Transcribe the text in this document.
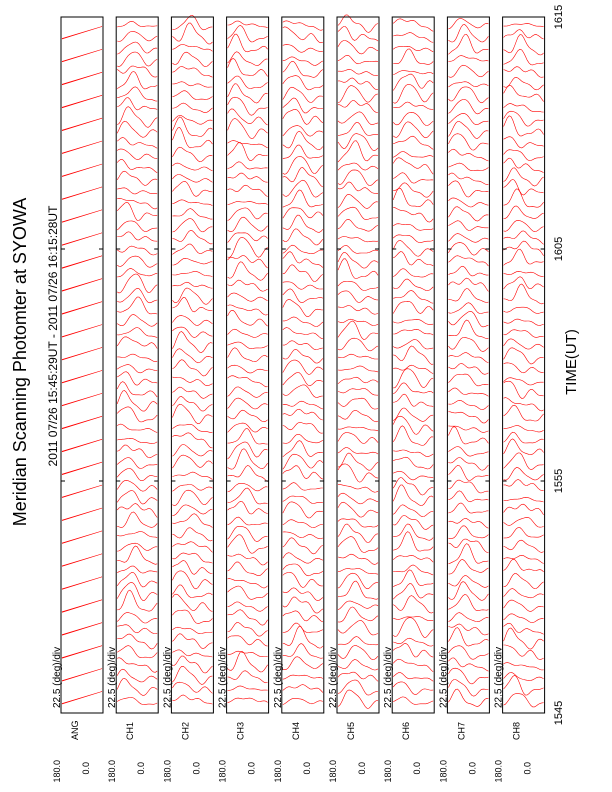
Meridian Scanning Photomter at SYOWA 2011 07/26 15:45:29UT - 2011 07/26 16:15:28UT	TIME(UT)
22.5 (deg)/div
180.0
ANG
0.0
22.5 (deg)/div
180.0
CH1
0.0
22.5 (deg)/div
180.0
CH2
0.0
22.5 (deg)/div
180.0
CH3
0.0
22.5 (deg)/div
180.0
CH4
0.0
22.5 (deg)/div
180.0
CH5
0.0
22.5 (deg)/div
180.0
CH6
0.0
22.5 (deg)/div
180.0
CH7
0.0
22.5 (deg)/div
180.0
CH8
0.0
1545
1555
1605
1615
